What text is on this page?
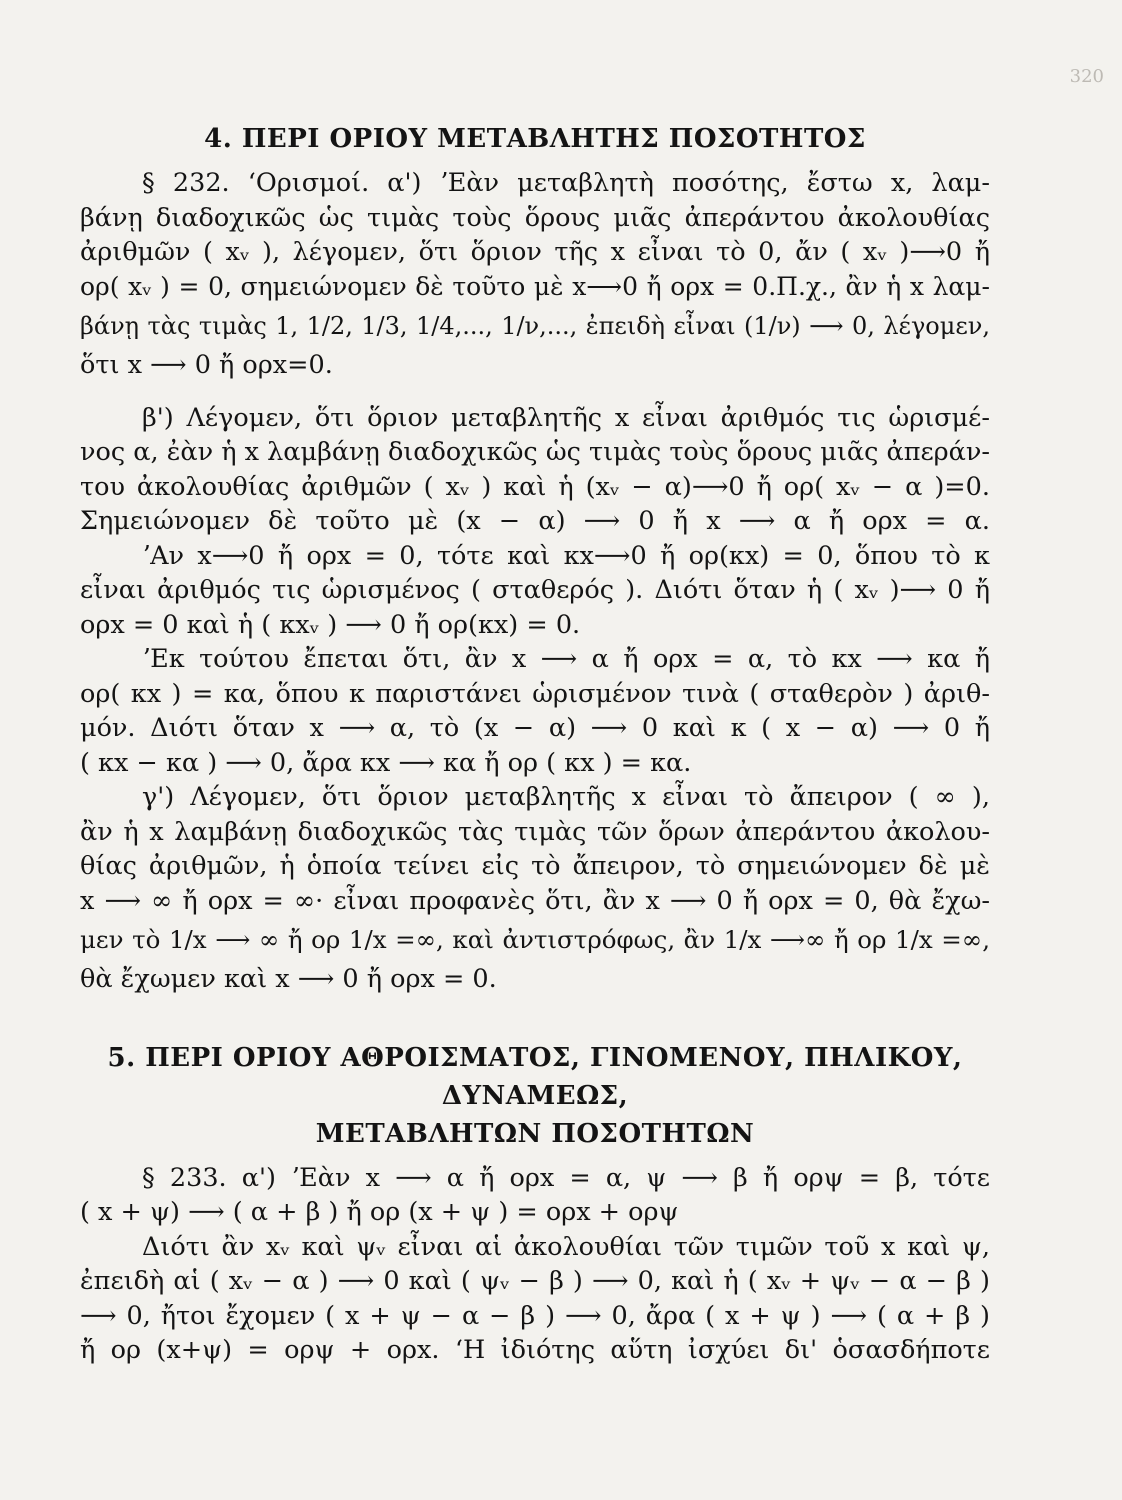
320
4. ΠΕΡΙ ΟΡΙΟΥ ΜΕΤΑΒΛΗΤΗΣ ΠΟΣΟΤΗΤΟΣ
§ 232. ʻΟρισμοί. α') ʼΕὰν μεταβλητὴ ποσότης, ἔστω x, λαμ-
βάνῃ διαδοχικῶς ὡς τιμὰς τοὺς ὅρους μιᾶς ἀπεράντου ἀκολουθίας
ἀριθμῶν ( xᵥ ), λέγομεν, ὅτι ὅριον τῆς x εἶναι τὸ 0, ἄν ( xᵥ )⟶0 ἤ
ορ( xᵥ ) = 0, σημειώνομεν δὲ τοῦτο μὲ x⟶0 ἤ ορx = 0.Π.χ., ἂν ἡ x λαμ-
βάνῃ τὰς τιμὰς 1, 1/2, 1/3, 1/4,..., 1/ν,..., ἐπειδὴ εἶναι (1/ν) ⟶ 0, λέγομεν,
ὅτι x ⟶ 0 ἤ ορx=0.
β') Λέγομεν, ὅτι ὅριον μεταβλητῆς x εἶναι ἀριθμός τις ὡρισμέ-
νος α, ἐὰν ἡ x λαμβάνῃ διαδοχικῶς ὡς τιμὰς τοὺς ὅρους μιᾶς ἀπεράν-
του ἀκολουθίας ἀριθμῶν ( xᵥ ) καὶ ἡ (xᵥ − α)⟶0 ἤ ορ( xᵥ − α )=0.
Σημειώνομεν δὲ τοῦτο μὲ (x − α) ⟶ 0 ἤ x ⟶ α ἤ ορx = α.
ʼΑν x⟶0 ἤ ορx = 0, τότε καὶ κx⟶0 ἤ ορ(κx) = 0, ὅπου τὸ κ
εἶναι ἀριθμός τις ὡρισμένος ( σταθερός ). Διότι ὅταν ἡ ( xᵥ )⟶ 0 ἤ
ορx = 0 καὶ ἡ ( κxᵥ ) ⟶ 0 ἤ ορ(κx) = 0.
ʼΕκ τούτου ἔπεται ὅτι, ἂν x ⟶ α ἤ ορx = α, τὸ κx ⟶ κα ἤ
ορ( κx ) = κα, ὅπου κ παριστάνει ὡρισμένον τινὰ ( σταθερὸν ) ἀριθ-
μόν. Διότι ὅταν x ⟶ α, τὸ (x − α) ⟶ 0 καὶ κ ( x − α) ⟶ 0 ἤ
( κx − κα ) ⟶ 0, ἄρα κx ⟶ κα ἤ ορ ( κx ) = κα.
γ') Λέγομεν, ὅτι ὅριον μεταβλητῆς x εἶναι τὸ ἄπειρον ( ∞ ),
ἂν ἡ x λαμβάνῃ διαδοχικῶς τὰς τιμὰς τῶν ὅρων ἀπεράντου ἀκολου-
θίας ἀριθμῶν, ἡ ὁποία τείνει εἰς τὸ ἄπειρον, τὸ σημειώνομεν δὲ μὲ
x ⟶ ∞ ἤ ορx = ∞· εἶναι προφανὲς ὅτι, ἂν x ⟶ 0 ἤ ορx = 0, θὰ ἔχω-
μεν τὸ 1/x ⟶ ∞ ἤ ορ 1/x =∞, καὶ ἀντιστρόφως, ἂν 1/x ⟶∞ ἤ ορ 1/x =∞,
θὰ ἔχωμεν καὶ x ⟶ 0 ἤ ορx = 0.
5. ΠΕΡΙ ΟΡΙΟΥ ΑΘΡΟΙΣΜΑΤΟΣ, ΓΙΝΟΜΕΝΟΥ, ΠΗΛΙΚΟΥ, ΔΥΝΑΜΕΩΣ,
ΜΕΤΑΒΛΗΤΩΝ ΠΟΣΟΤΗΤΩΝ
§ 233. α') ʼΕὰν x ⟶ α ἤ ορx = α, ψ ⟶ β ἤ ορψ = β, τότε
( x + ψ) ⟶ ( α + β ) ἤ ορ (x + ψ ) = ορx + ορψ
Διότι ἂν xᵥ καὶ ψᵥ εἶναι αἱ ἀκολουθίαι τῶν τιμῶν τοῦ x καὶ ψ,
ἐπειδὴ αἱ ( xᵥ − α ) ⟶ 0 καὶ ( ψᵥ − β ) ⟶ 0, καὶ ἡ ( xᵥ + ψᵥ − α − β )
⟶ 0, ἤτοι ἔχομεν ( x + ψ − α − β ) ⟶ 0, ἄρα ( x + ψ ) ⟶ ( α + β )
ἤ ορ (x+ψ) = ορψ + ορx. ʻΗ ἰδιότης αὕτη ἰσχύει δι' ὁσασδήποτε
